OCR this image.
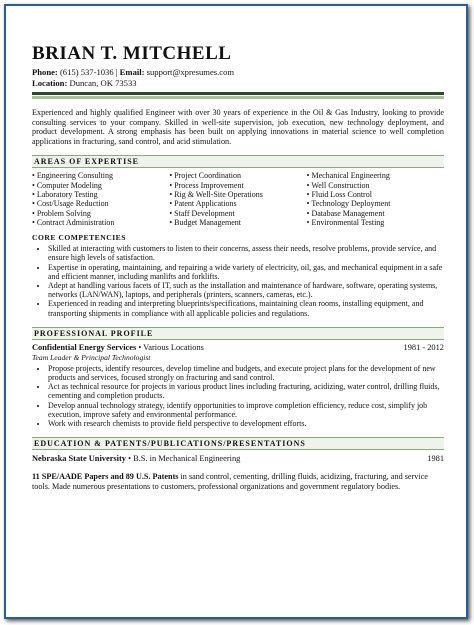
BRIAN T. MITCHELL
Phone: (615) 537-1036 | Email: support@xpresumes.com
Location: Duncan, OK 73533
Experienced and highly qualified Engineer with over 30 years of experience in the Oil & Gas Industry, looking to provide consulting services to your company. Skilled in well-site supervision, job execution, new technology deployment, and product development. A strong emphasis has been built on applying innovations in material science to well completion applications in fracturing, sand control, and acid stimulation.
AREAS OF EXPERTISE
• Engineering Consulting
• Computer Modeling
• Laboratory Testing
• Cost/Usage Reduction
• Problem Solving
• Contract Administration
• Project Coordination
• Process Improvement
• Rig & Well-Site Operations
• Patent Applications
• Staff Development
• Budget Management
• Mechanical Engineering
• Well Construction
• Fluid Loss Control
• Technology Deployment
• Database Management
• Environmental Testing
CORE COMPETENCIES
• Skilled at interacting with customers to listen to their concerns, assess their needs, resolve problems, provide service, and ensure high levels of satisfaction.
• Expertise in operating, maintaining, and repairing a wide variety of electricity, oil, gas, and mechanical equipment in a safe and efficient manner, including manlifts and forklifts.
• Adept at handling various facets of IT, such as the installation and maintenance of hardware, software, operating systems, networks (LAN/WAN), laptops, and peripherals (printers, scanners, cameras, etc.).
• Experienced in reading and interpreting blueprints/specifications, maintaining clean rooms, installing equipment, and transporting shipments in compliance with all applicable policies and regulations.
PROFESSIONAL PROFILE
Confidential Energy Services • Various Locations	1981 - 2012
Team Leader & Principal Technologist
• Propose projects, identify resources, develop timeline and budgets, and execute project plans for the development of new products and services, focused strongly on fracturing and sand control.
• Act as technical resource for projects in various product lines including fracturing, acidizing, water control, drilling fluids, cementing and completion products.
• Develop annual technology strategy, identify opportunities to improve completion efficiency, reduce cost, simplify job execution, improve safety and environmental performance.
• Work with research chemists to provide field perspective to development efforts.
EDUCATION & PATENTS/PUBLICATIONS/PRESENTATIONS
Nebraska State University • B.S. in Mechanical Engineering	1981
11 SPE/AADE Papers and 89 U.S. Patents in sand control, cementing, drilling fluids, acidizing, fracturing, and service tools. Made numerous presentations to customers, professional organizations and government regulatory bodies.
